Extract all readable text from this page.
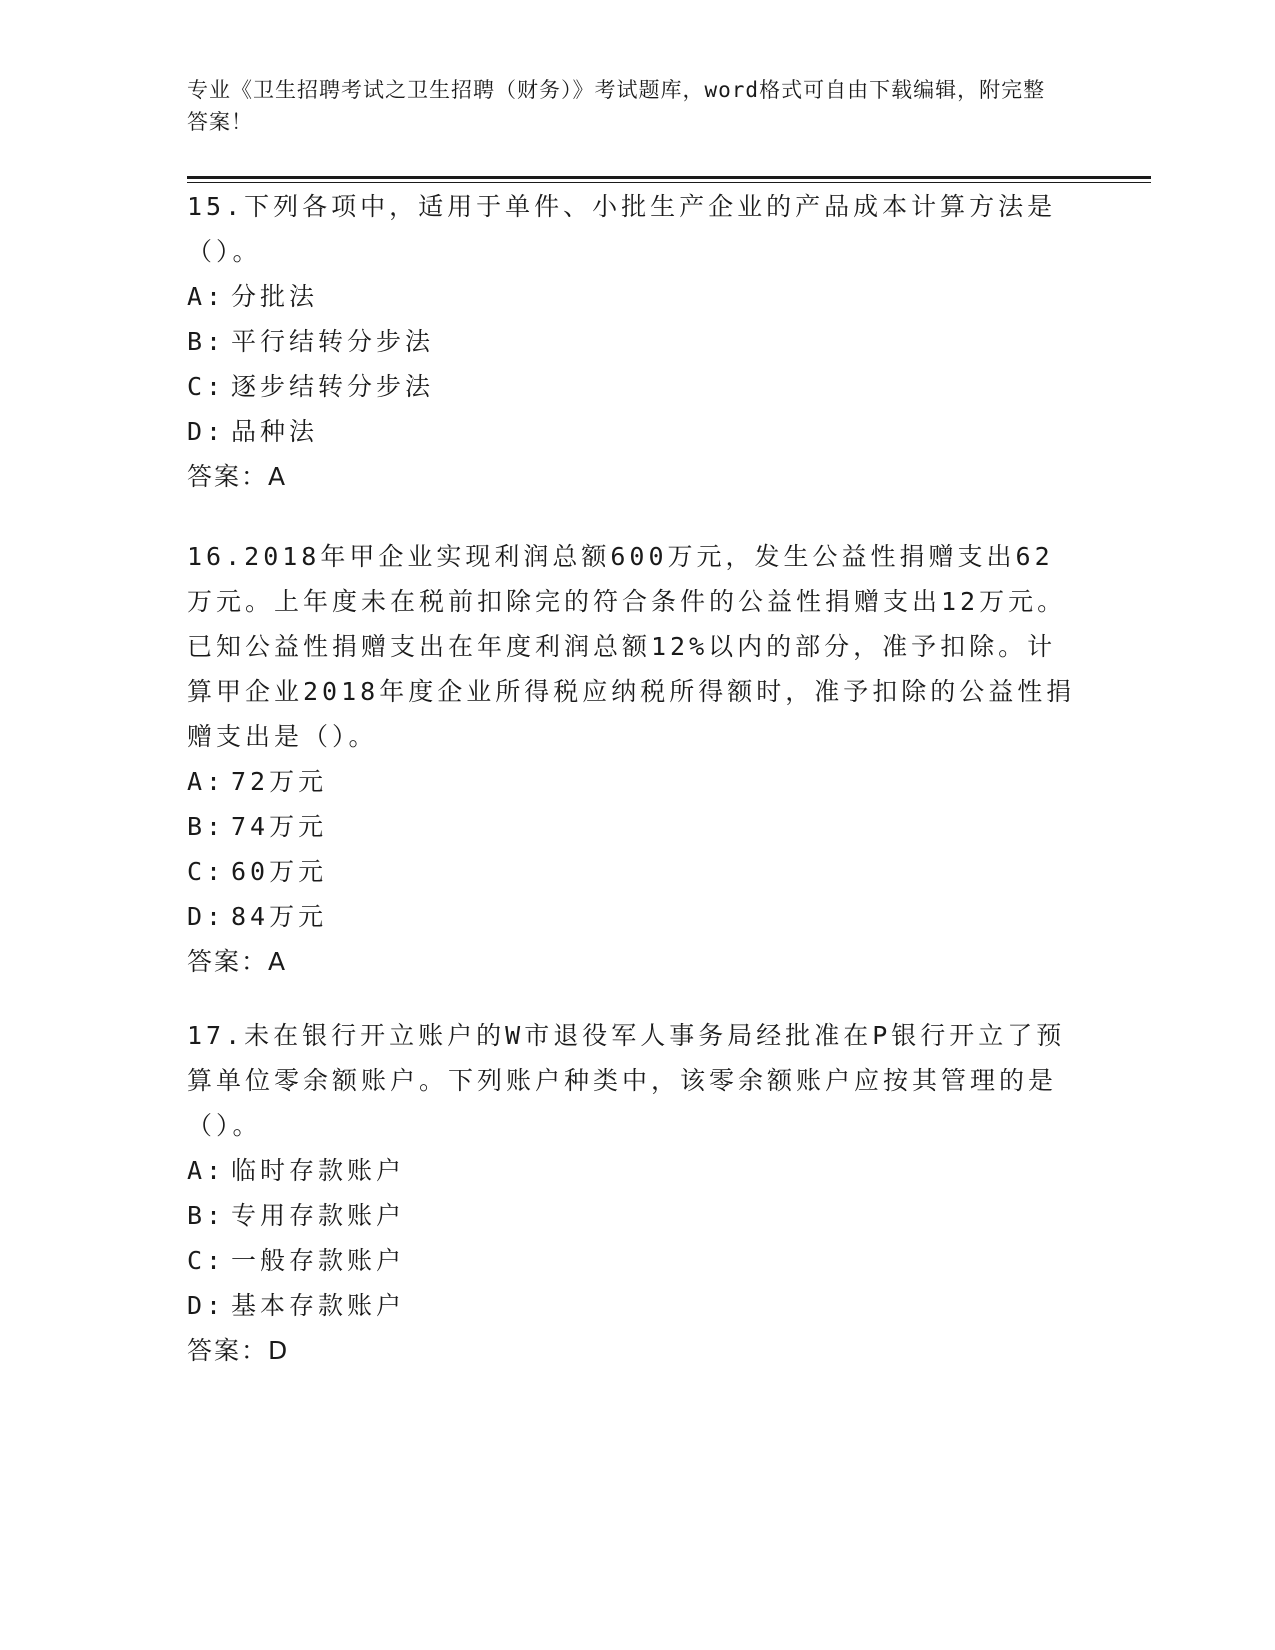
专业《卫生招聘考试之卫生招聘（财务）》考试题库，word格式可自由下载编辑，附完整答案！
15.下列各项中，适用于单件、小批生产企业的产品成本计算方法是（）。
A: 分批法
B: 平行结转分步法
C: 逐步结转分步法
D: 品种法
答案：A
16.2018年甲企业实现利润总额600万元，发生公益性捐赠支出62万元。上年度未在税前扣除完的符合条件的公益性捐赠支出12万元。已知公益性捐赠支出在年度利润总额12%以内的部分，准予扣除。计算甲企业2018年度企业所得税应纳税所得额时，准予扣除的公益性捐赠支出是（）。
A: 72万元
B: 74万元
C: 60万元
D: 84万元
答案：A
17.未在银行开立账户的W市退役军人事务局经批准在P银行开立了预算单位零余额账户。下列账户种类中，该零余额账户应按其管理的是（）。
A: 临时存款账户
B: 专用存款账户
C: 一般存款账户
D: 基本存款账户
答案：D
